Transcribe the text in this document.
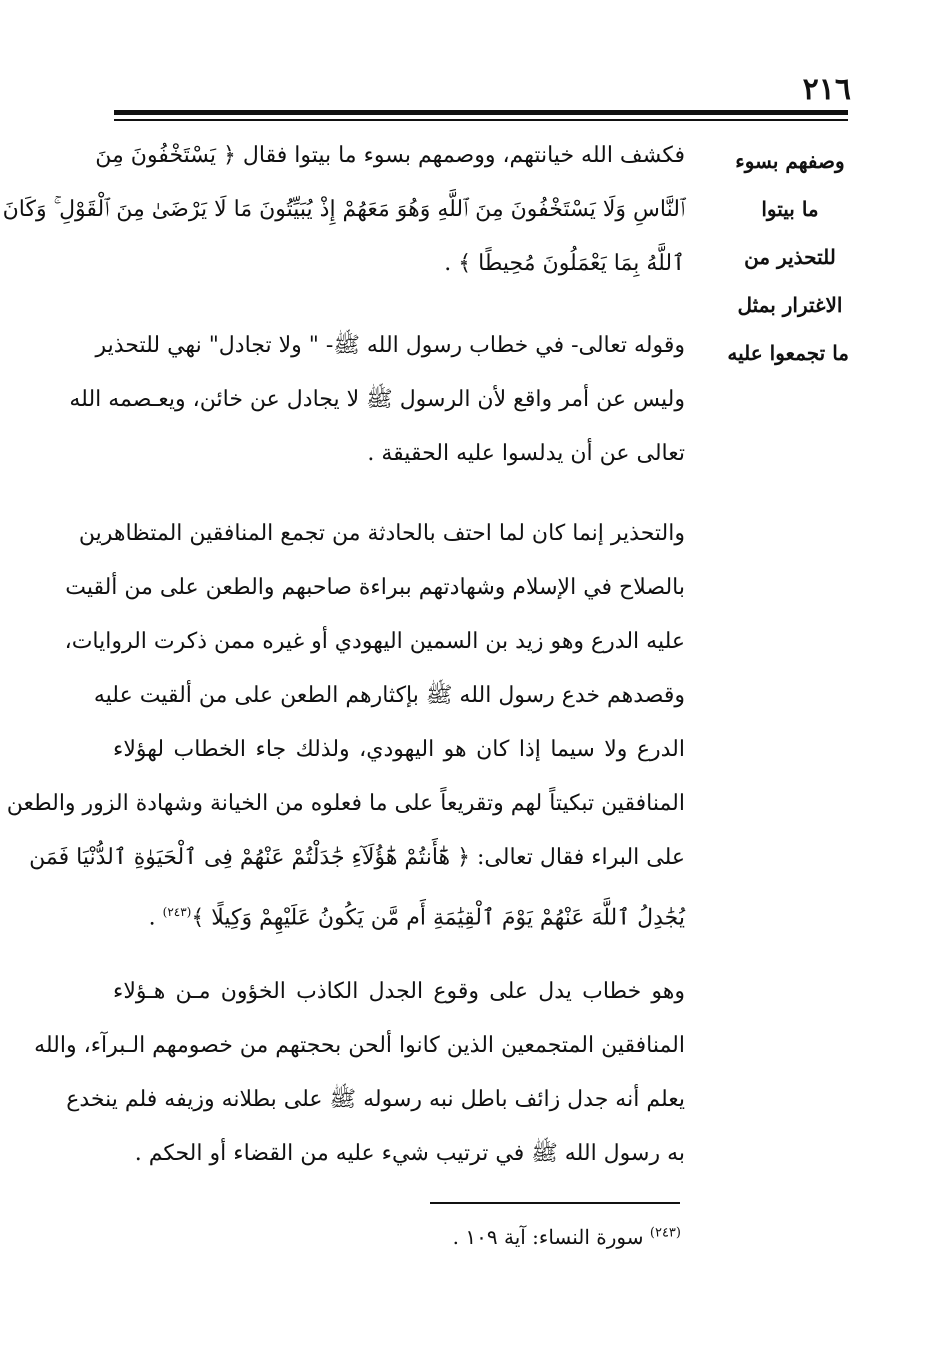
٢١٦
وصفهم بسوء
ما بيتوا
للتحذير من
الاغترار بمثل
ما تجمعوا عليه
فكشف الله خيانتهم، ووصمهم بسوء ما بيتوا فقال ﴿ يَسْتَخْفُونَ مِنَ
ٱلنَّاسِ وَلَا يَسْتَخْفُونَ مِنَ ٱللَّهِ وَهُوَ مَعَهُمْ إِذْ يُبَيِّتُونَ مَا لَا يَرْضَىٰ مِنَ ٱلْقَوْلِ ۚ وَكَانَ
ٱللَّهُ بِمَا يَعْمَلُونَ مُحِيطًا ﴾ .
وقوله تعالى- في خطاب رسول الله ﷺ- " ولا تجادل" نهي للتحذير
وليس عن أمر واقع لأن الرسول ﷺ لا يجادل عن خائن، ويعـصمه الله
تعالى عن أن يدلسوا عليه الحقيقة .
والتحذير إنما كان لما احتف بالحادثة من تجمع المنافقين المتظاهرين
بالصلاح في الإسلام وشهادتهم ببراءة صاحبهم والطعن على من ألقيت
عليه الدرع وهو زيد بن السمين اليهودي أو غيره ممن ذكرت الروايات،
وقصدهم خدع رسول الله ﷺ بإكثارهم الطعن على من ألقيت عليه
الدرع ولا سيما إذا كان هو اليهودي، ولذلك جاء الخطاب لهؤلاء
المنافقين تبكيتاً لهم وتقريعاً على ما فعلوه من الخيانة وشهادة الزور والطعن
على البراء فقال تعالى: ﴿ هَٰٓأَنتُمْ هَٰٓؤُلَآءِ جَٰدَلْتُمْ عَنْهُمْ فِى ٱلْحَيَوٰةِ ٱلدُّنْيَا فَمَن
يُجَٰدِلُ ٱللَّهَ عَنْهُمْ يَوْمَ ٱلْقِيَٰمَةِ أَم مَّن يَكُونُ عَلَيْهِمْ وَكِيلًا ﴾$^{(٢٤٣)}$ .
وهو خطاب يدل على وقوع الجدل الكاذب الخؤون مـن هـؤلاء
المنافقين المتجمعين الذين كانوا ألحن بحجتهم من خصومهم الـبرآء، والله
يعلم أنه جدل زائف باطل نبه رسوله ﷺ على بطلانه وزيفه فلم ينخدع
به رسول الله ﷺ في ترتيب شيء عليه من القضاء أو الحكم .
$^{(٢٤٣)}$ سورة النساء: آية ١٠٩ .
